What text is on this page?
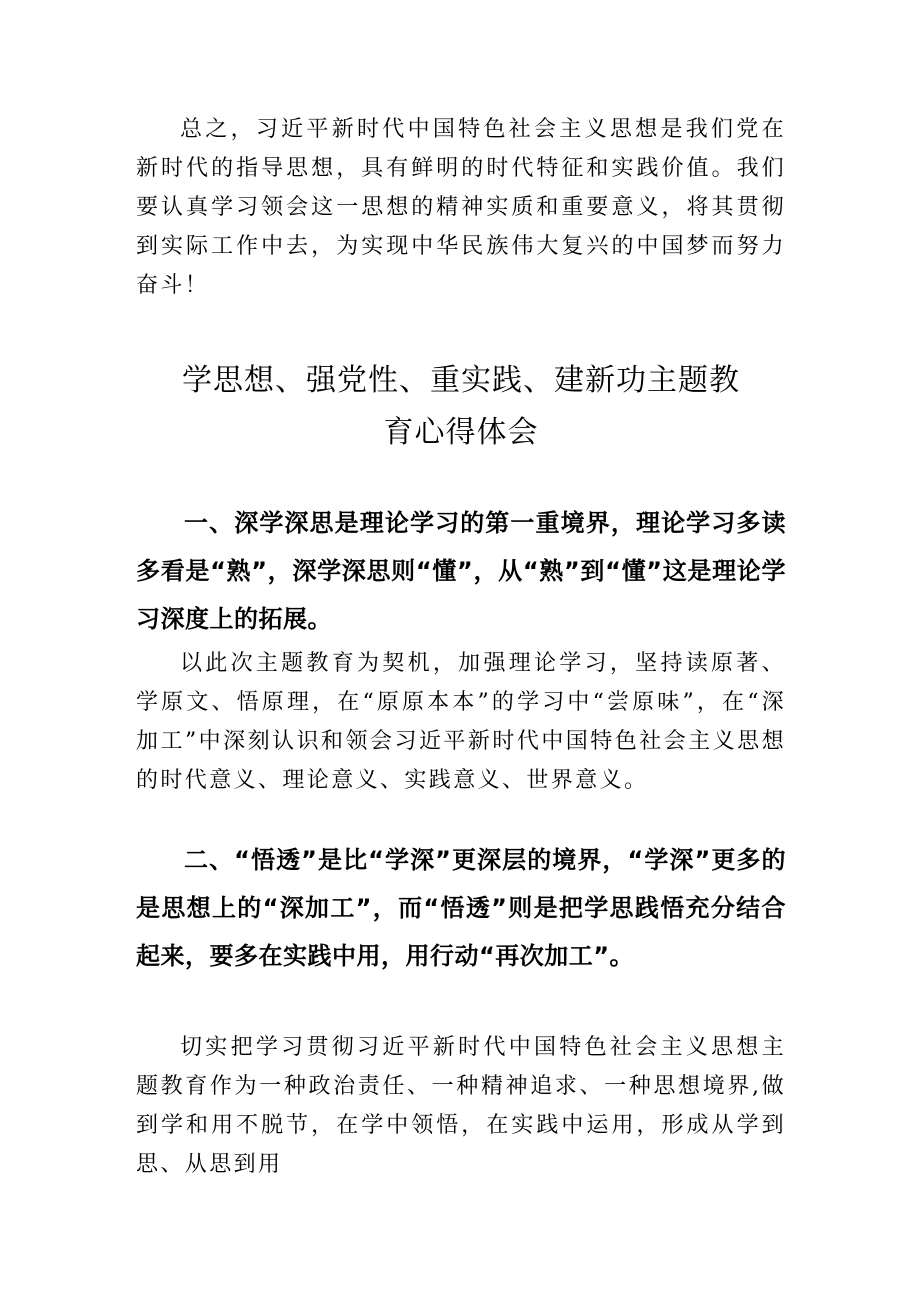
总之，习近平新时代中国特色社会主义思想是我们党在新时代的指导思想，具有鲜明的时代特征和实践价值。我们要认真学习领会这一思想的精神实质和重要意义，将其贯彻到实际工作中去，为实现中华民族伟大复兴的中国梦而努力奋斗！

学思想、强党性、重实践、建新功主题教
育心得体会

一、深学深思是理论学习的第一重境界，理论学习多读多看是“熟”，深学深思则“懂”，从“熟”到“懂”这是理论学习深度上的拓展。

以此次主题教育为契机，加强理论学习，坚持读原著、学原文、悟原理，在“原原本本”的学习中“尝原味”，在“深加工”中深刻认识和领会习近平新时代中国特色社会主义思想的时代意义、理论意义、实践意义、世界意义。

二、“悟透”是比“学深”更深层的境界，“学深”更多的是思想上的“深加工”，而“悟透”则是把学思践悟充分结合起来，要多在实践中用，用行动“再次加工”。

切实把学习贯彻习近平新时代中国特色社会主义思想主题教育作为一种政治责任、一种精神追求、一种思想境界,做到学和用不脱节，在学中领悟，在实践中运用，形成从学到思、从思到用
